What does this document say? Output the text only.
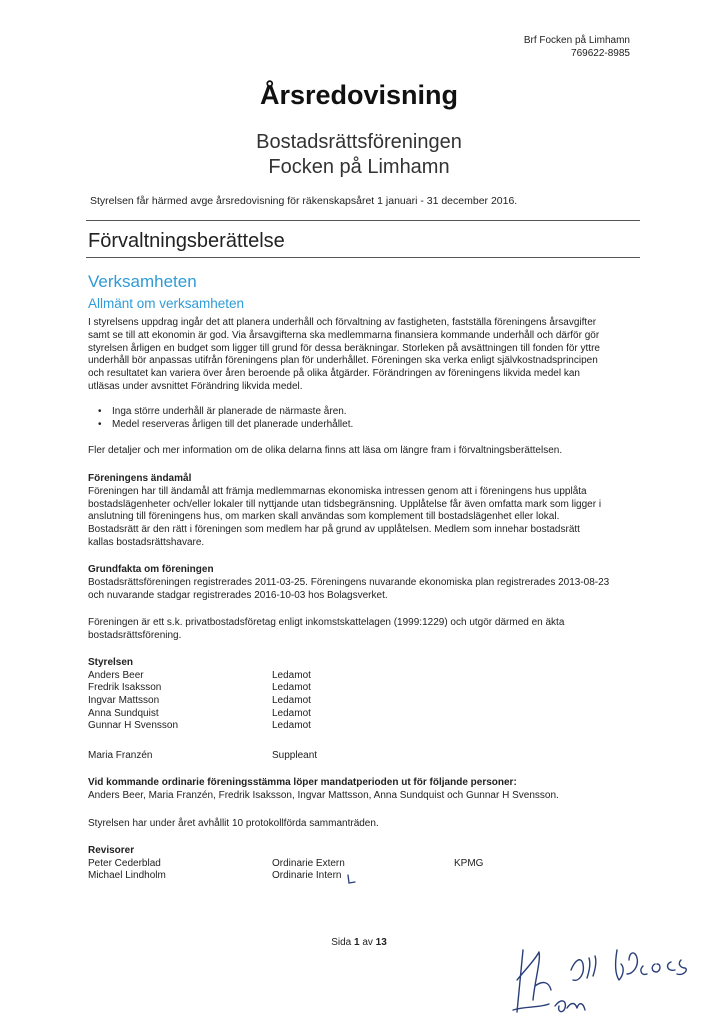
Brf Focken på Limhamn
769622-8985
Årsredovisning
Bostadsrättsföreningen
Focken på Limhamn
Styrelsen får härmed avge årsredovisning för räkenskapsåret 1 januari - 31 december 2016.
Förvaltningsberättelse
Verksamheten
Allmänt om verksamheten

I styrelsens uppdrag ingår det att planera underhåll och förvaltning av fastigheten, fastställa föreningens årsavgifter

samt se till att ekonomin är god. Via årsavgifterna ska medlemmarna finansiera kommande underhåll och därför gör

styrelsen årligen en budget som ligger till grund för dessa beräkningar. Storleken på avsättningen till fonden för yttre

underhåll bör anpassas utifrån föreningens plan för underhållet. Föreningen ska verka enligt självkostnadsprincipen

och resultatet kan variera över åren beroende på olika åtgärder. Förändringen av föreningens likvida medel kan

utläsas under avsnittet Förändring likvida medel.

• Inga större underhåll är planerade de närmaste åren.
• Medel reserveras årligen till det planerade underhållet.
Fler detaljer och mer information om de olika delarna finns att läsa om längre fram i förvaltningsberättelsen.

Föreningens ändamål

Föreningen har till ändamål att främja medlemmarnas ekonomiska intressen genom att i föreningens hus upplåta

bostadslägenheter och/eller lokaler till nyttjande utan tidsbegränsning. Upplåtelse får även omfatta mark som ligger i

anslutning till föreningens hus, om marken skall användas som komplement till bostadslägenhet eller lokal.

Bostadsrätt är den rätt i föreningen som medlem har på grund av upplåtelsen. Medlem som innehar bostadsrätt

kallas bostadsrättshavare.

Grundfakta om föreningen

Bostadsrättsföreningen registrerades 2011-03-25. Föreningens nuvarande ekonomiska plan registrerades 2013-08-23

och nuvarande stadgar registrerades 2016-10-03 hos Bolagsverket.

Föreningen är ett s.k. privatbostadsföretag enligt inkomstskattelagen (1999:1229) och utgör därmed en äkta

bostadsrättsförening.

Styrelsen

Anders Beer	Ledamot
Fredrik Isaksson	Ledamot
Ingvar Mattsson	Ledamot
Anna Sundquist	Ledamot
Gunnar H Svensson	Ledamot
Maria Franzén	Suppleant

Vid kommande ordinarie föreningsstämma löper mandatperioden ut för följande personer:

Anders Beer, Maria Franzén, Fredrik Isaksson, Ingvar Mattsson, Anna Sundquist och Gunnar H Svensson.

Styrelsen har under året avhållit 10 protokollförda sammanträden.

Revisorer

Peter Cederblad	Ordinarie Extern	KPMG
Michael Lindholm	Ordinarie Intern
Sida 1 av 13
